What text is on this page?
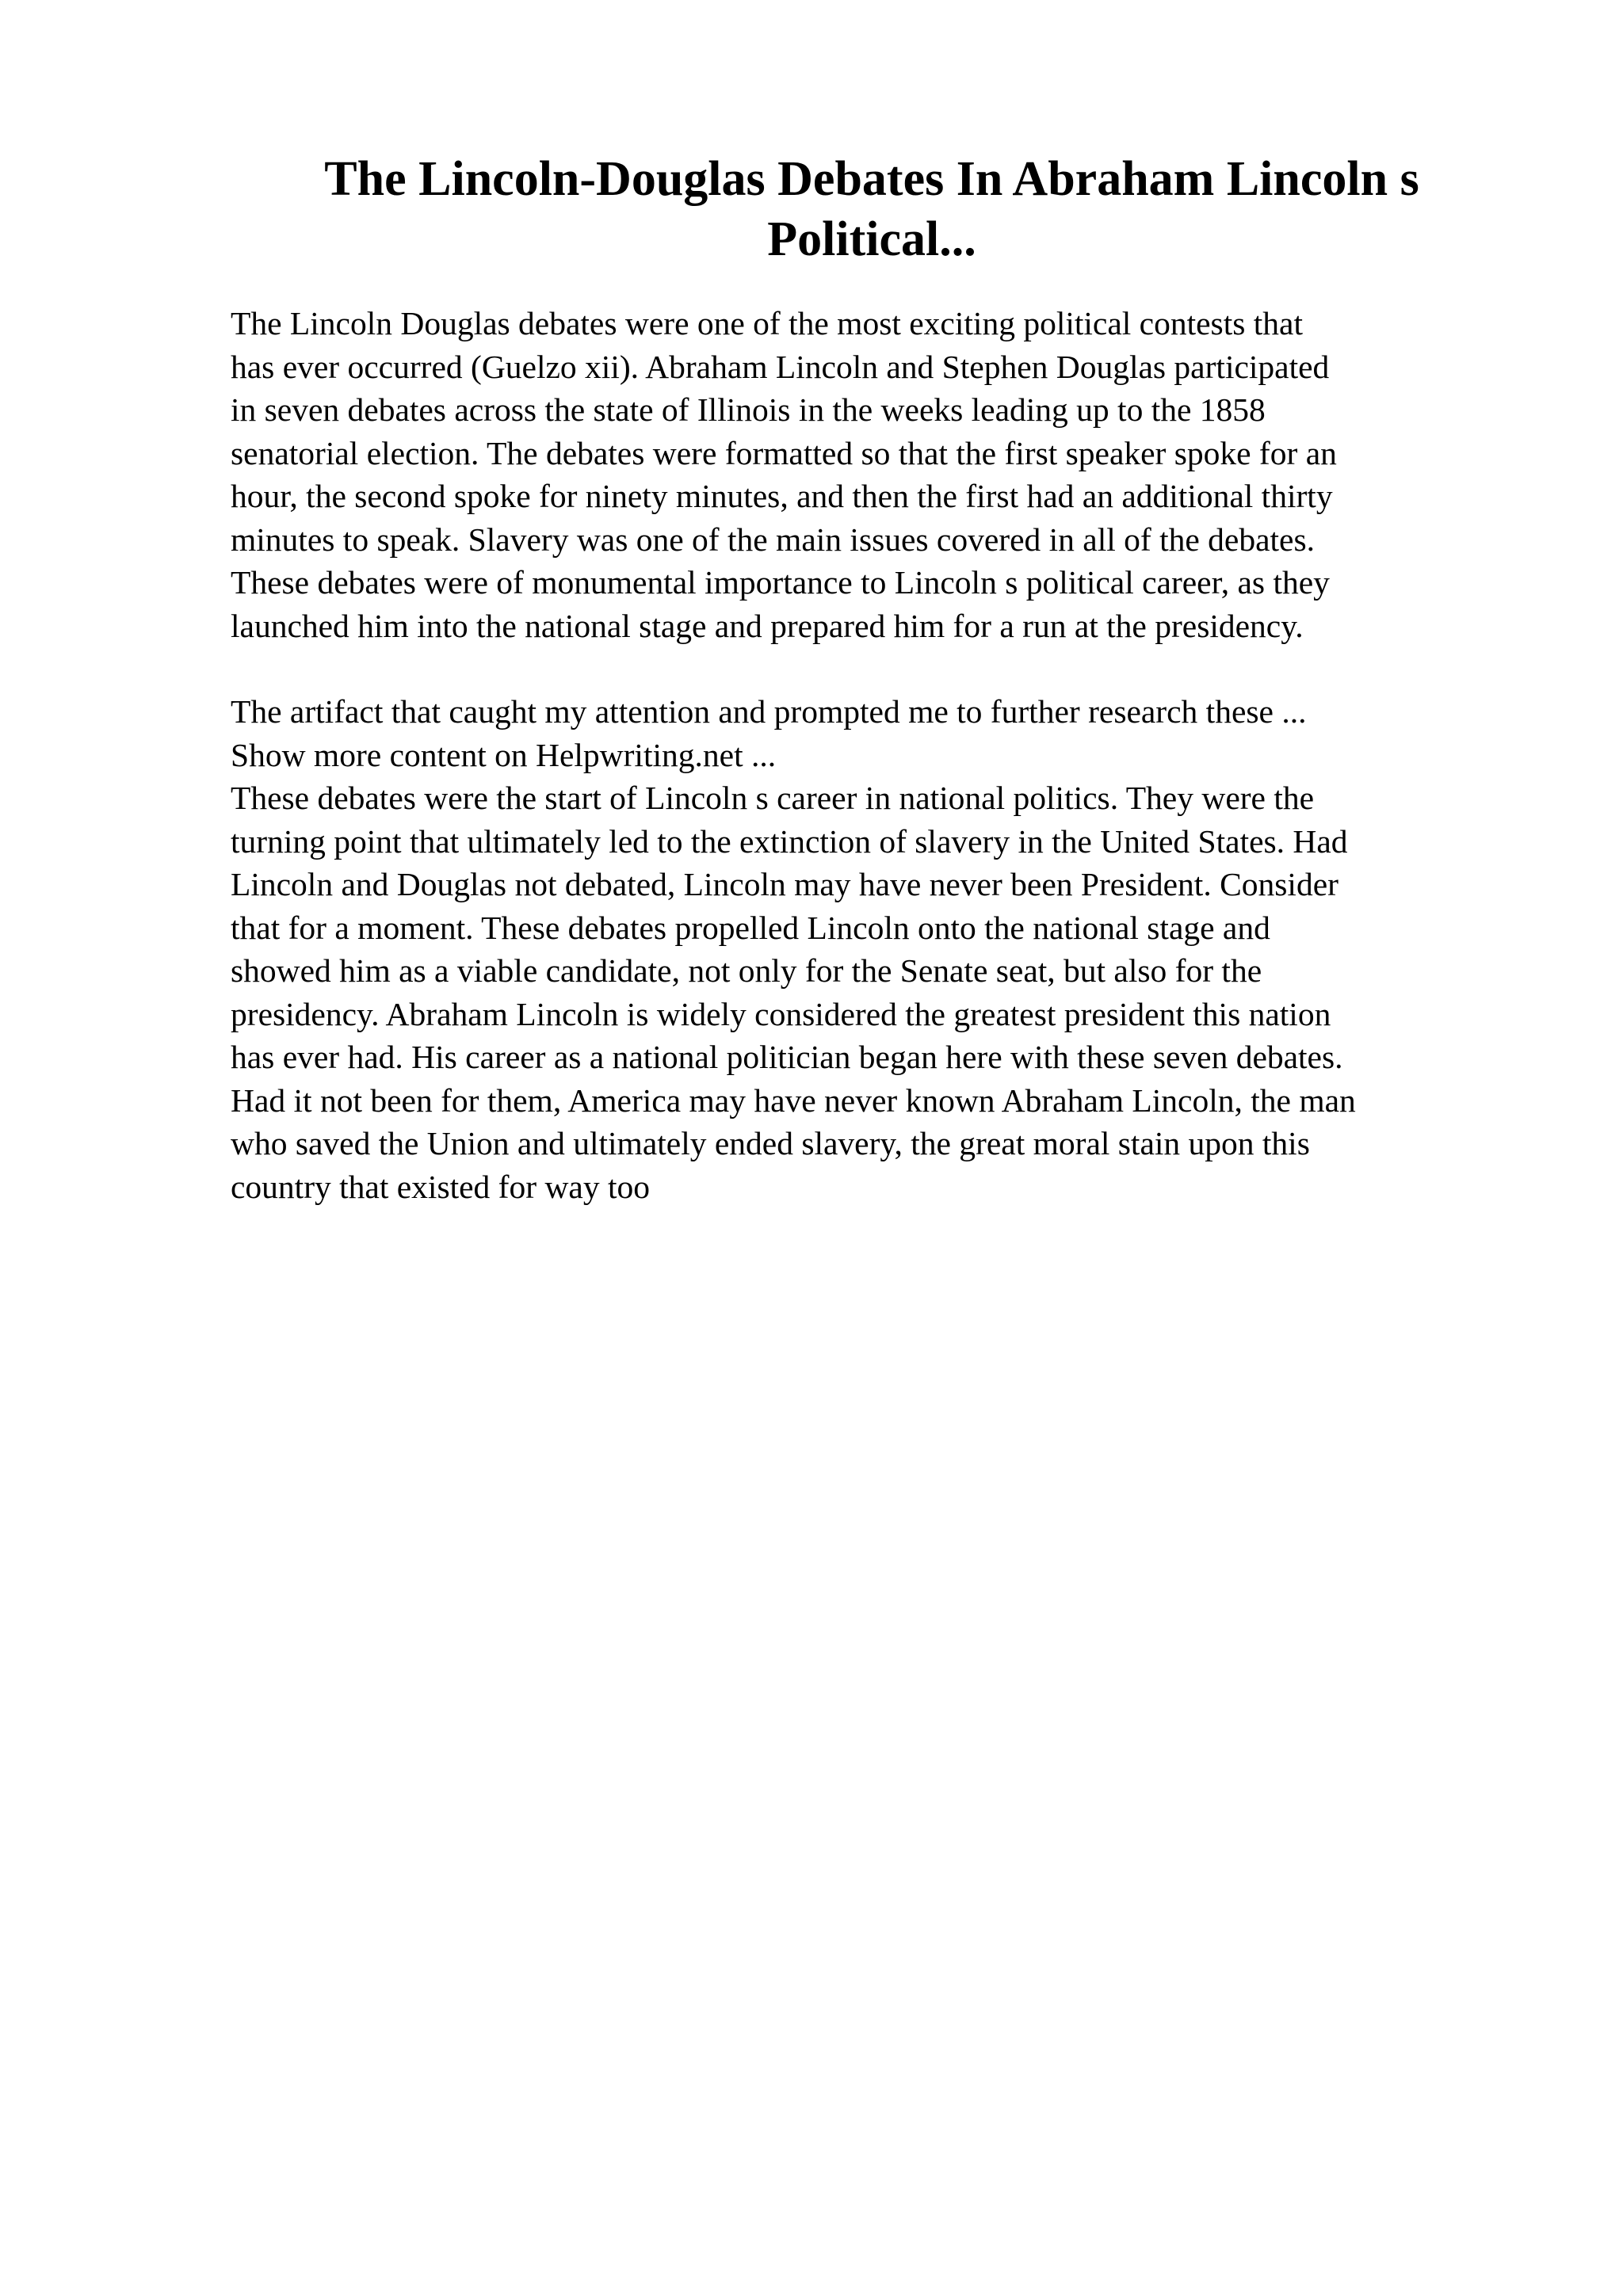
The Lincoln-Douglas Debates In Abraham Lincoln s
Political...

The Lincoln Douglas debates were one of the most exciting political contests that
has ever occurred (Guelzo xii). Abraham Lincoln and Stephen Douglas participated
in seven debates across the state of Illinois in the weeks leading up to the 1858
senatorial election. The debates were formatted so that the first speaker spoke for an
hour, the second spoke for ninety minutes, and then the first had an additional thirty
minutes to speak. Slavery was one of the main issues covered in all of the debates.
These debates were of monumental importance to Lincoln s political career, as they
launched him into the national stage and prepared him for a run at the presidency.

The artifact that caught my attention and prompted me to further research these ...
Show more content on Helpwriting.net ...
These debates were the start of Lincoln s career in national politics. They were the
turning point that ultimately led to the extinction of slavery in the United States. Had
Lincoln and Douglas not debated, Lincoln may have never been President. Consider
that for a moment. These debates propelled Lincoln onto the national stage and
showed him as a viable candidate, not only for the Senate seat, but also for the
presidency. Abraham Lincoln is widely considered the greatest president this nation
has ever had. His career as a national politician began here with these seven debates.
Had it not been for them, America may have never known Abraham Lincoln, the man
who saved the Union and ultimately ended slavery, the great moral stain upon this
country that existed for way too
